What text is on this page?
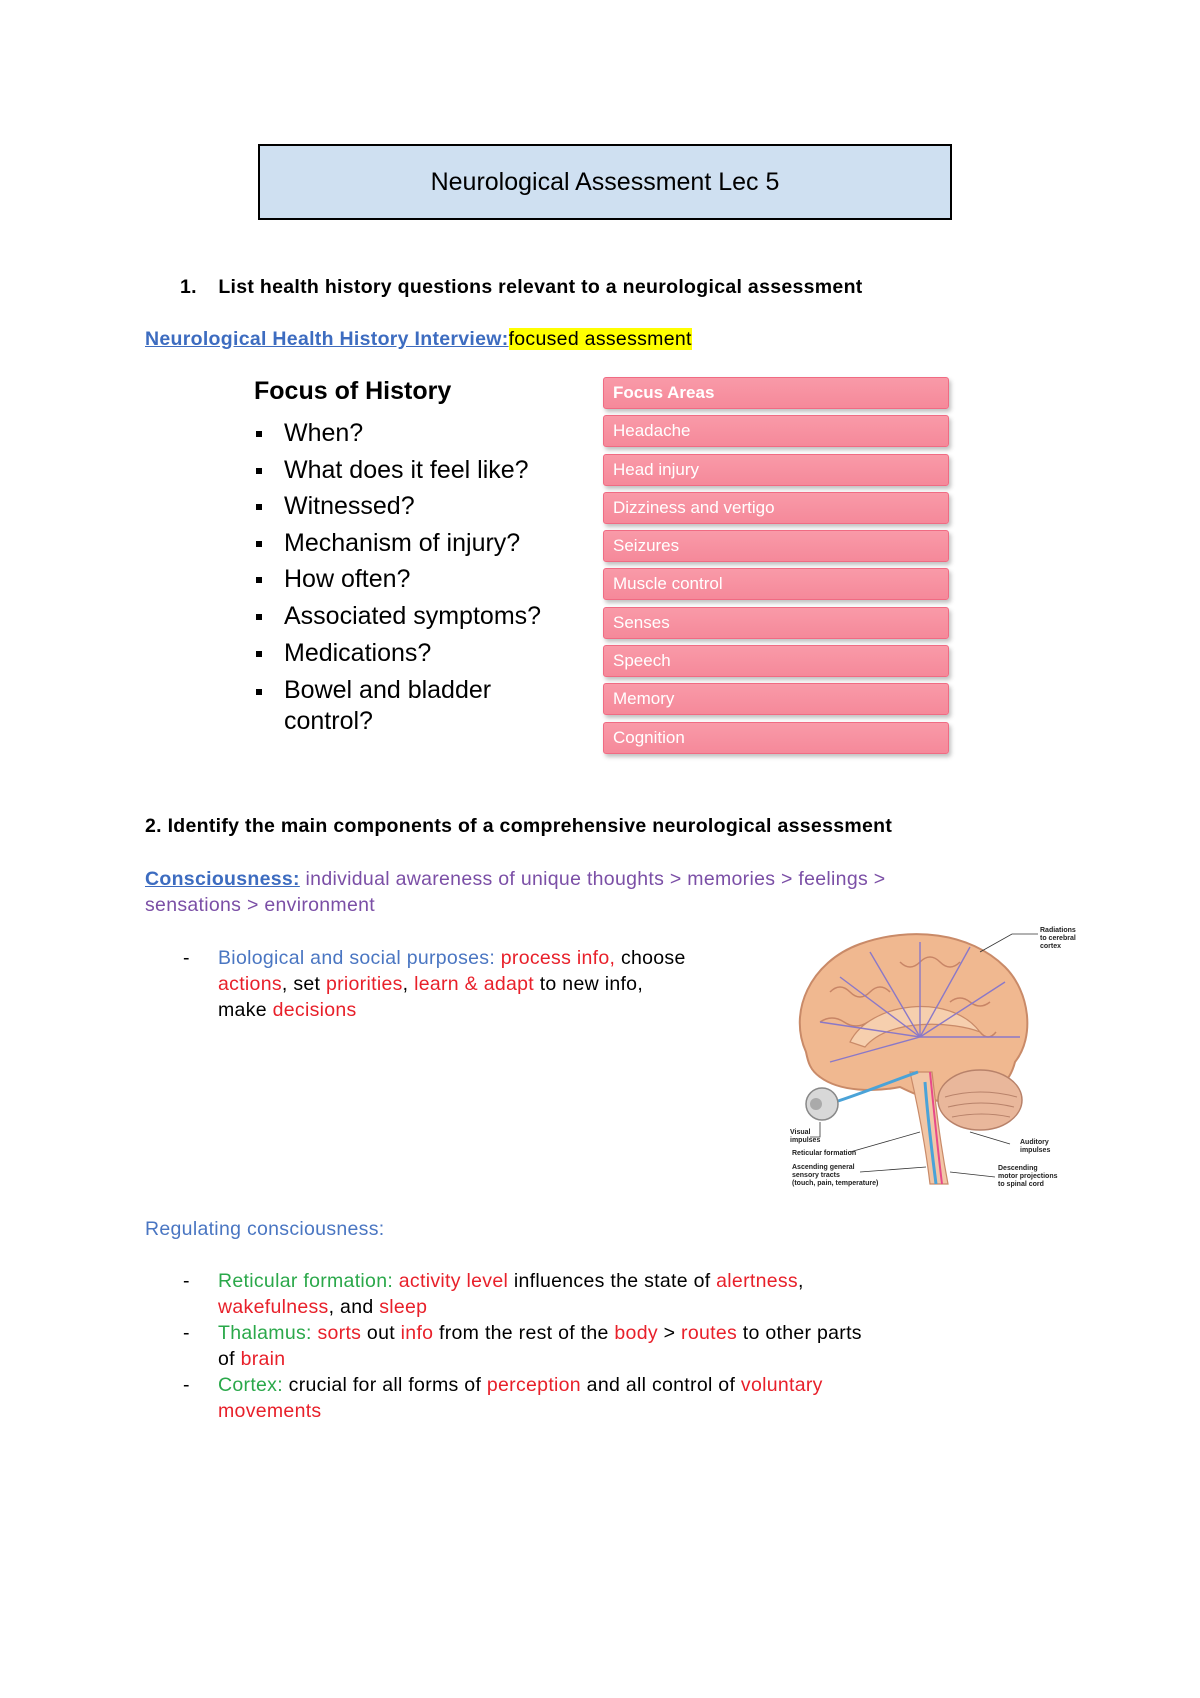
Neurological Assessment Lec 5
1. List health history questions relevant to a neurological assessment
Neurological Health History Interview:focused assessment
Focus of History
When?
What does it feel like?
Witnessed?
Mechanism of injury?
How often?
Associated symptoms?
Medications?
Bowel and bladder
control?
Focus Areas
Headache
Head injury
Dizziness and vertigo
Seizures
Muscle control
Senses
Speech
Memory
Cognition
2. Identify the main components of a comprehensive neurological assessment
Consciousness: individual awareness of unique thoughts > memories > feelings >
sensations > environment
- Biological and social purposes: process info, choose
actions, set priorities, learn & adapt to new info,
make decisions
Radiations
to cerebral
cortex
Visual
impulses
Reticular formation
Ascending general
sensory tracts
(touch, pain, temperature)
Auditory
impulses
Descending
motor projections
to spinal cord
Regulating consciousness:
- Reticular formation: activity level influences the state of alertness,
wakefulness, and sleep
- Thalamus: sorts out info from the rest of the body > routes to other parts
of brain
- Cortex: crucial for all forms of perception and all control of voluntary
movements
